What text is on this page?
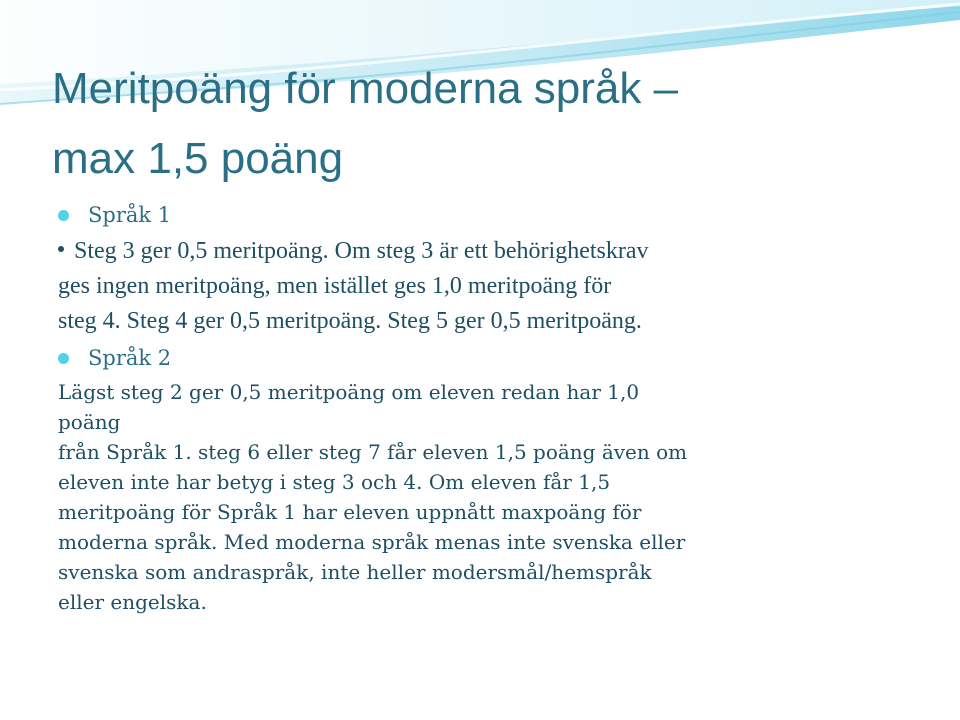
Meritpoäng för moderna språk –
max 1,5 poäng

Språk 1

Steg 3 ger 0,5 meritpoäng. Om steg 3 är ett behörighetskrav
ges ingen meritpoäng, men istället ges 1,0 meritpoäng för
steg 4. Steg 4 ger 0,5 meritpoäng. Steg 5 ger 0,5 meritpoäng.

Språk 2

Lägst steg 2 ger 0,5 meritpoäng om eleven redan har 1,0
poäng
från Språk 1. steg 6 eller steg 7 får eleven 1,5 poäng även om
eleven inte har betyg i steg 3 och 4. Om eleven får 1,5
meritpoäng för Språk 1 har eleven uppnått maxpoäng för
moderna språk. Med moderna språk menas inte svenska eller
svenska som andraspråk, inte heller modersmål/hemspråk
eller engelska.
